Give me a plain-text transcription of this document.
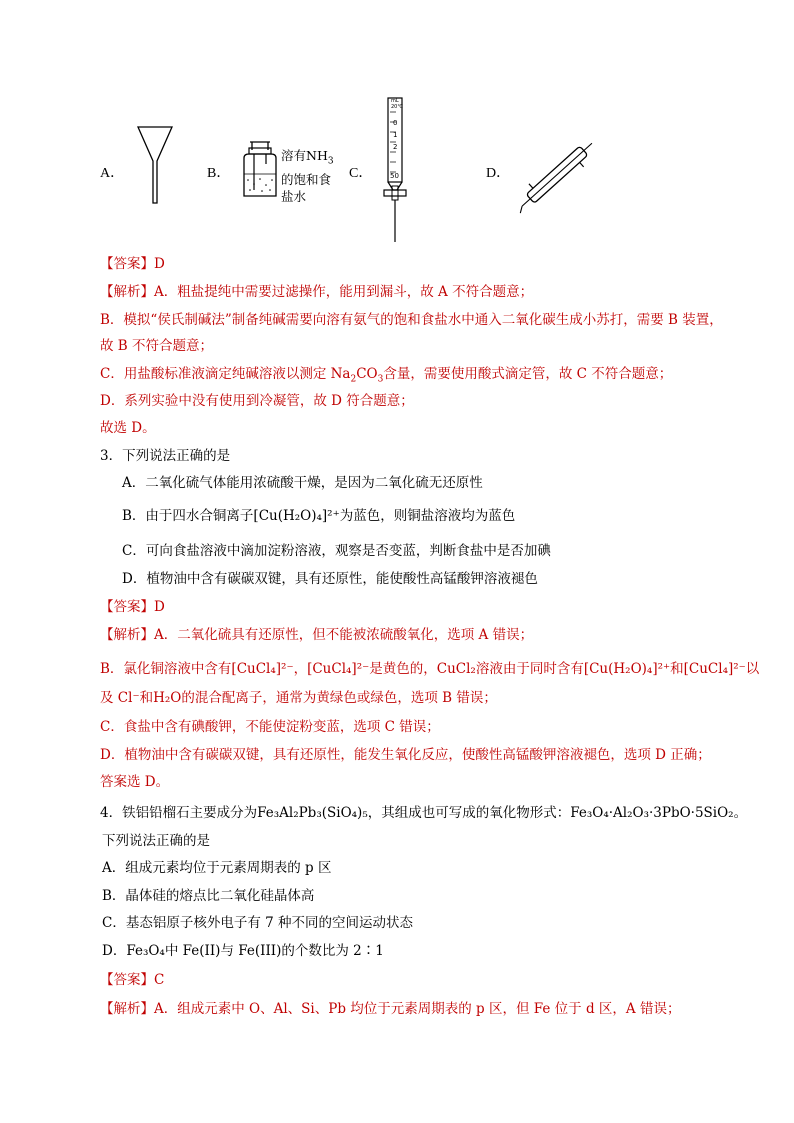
A．	B．
溶有$NH_3$
的饱和食
盐水
C．
mL
20℃
0
1
2
50	D．
【答案】D
【解析】A．粗盐提纯中需要过滤操作，能用到漏斗，故 A 不符合题意；
B．模拟“侯氏制碱法”制备纯碱需要向溶有氨气的饱和食盐水中通入二氧化碳生成小苏打，需要 B 装置，
故 B 不符合题意；
C．用盐酸标准液滴定纯碱溶液以测定 $Na_2CO_3$含量，需要使用酸式滴定管，故 C 不符合题意；
D．系列实验中没有使用到冷凝管，故 D 符合题意；
故选 D。
3．下列说法正确的是
A．二氧化硫气体能用浓硫酸干燥，是因为二氧化硫无还原性
B．由于四水合铜离子[Cu(H₂O)₄]²⁺为蓝色，则铜盐溶液均为蓝色
C．可向食盐溶液中滴加淀粉溶液，观察是否变蓝，判断食盐中是否加碘
D．植物油中含有碳碳双键，具有还原性，能使酸性高锰酸钾溶液褪色
【答案】D
【解析】A．二氧化硫具有还原性，但不能被浓硫酸氧化，选项 A 错误；
B．氯化铜溶液中含有[CuCl₄]²⁻，[CuCl₄]²⁻是黄色的，CuCl₂溶液由于同时含有[Cu(H₂O)₄]²⁺和[CuCl₄]²⁻以
及 Cl⁻和H₂O的混合配离子，通常为黄绿色或绿色，选项 B 错误；
C．食盐中含有碘酸钾，不能使淀粉变蓝，选项 C 错误；
D．植物油中含有碳碳双键，具有还原性，能发生氧化反应，使酸性高锰酸钾溶液褪色，选项 D 正确；
答案选 D。
4．铁铝铅榴石主要成分为Fe₃Al₂Pb₃(SiO₄)₅，其组成也可写成的氧化物形式：Fe₃O₄·Al₂O₃·3PbO·5SiO₂。
下列说法正确的是
A．组成元素均位于元素周期表的 p 区
B．晶体硅的熔点比二氧化硅晶体高
C．基态铝原子核外电子有 7 种不同的空间运动状态
D．Fe₃O₄中 Fe(II)与 Fe(III)的个数比为 2∶1
【答案】C
【解析】A．组成元素中 O、Al、Si、Pb 均位于元素周期表的 p 区，但 Fe 位于 d 区，A 错误；
